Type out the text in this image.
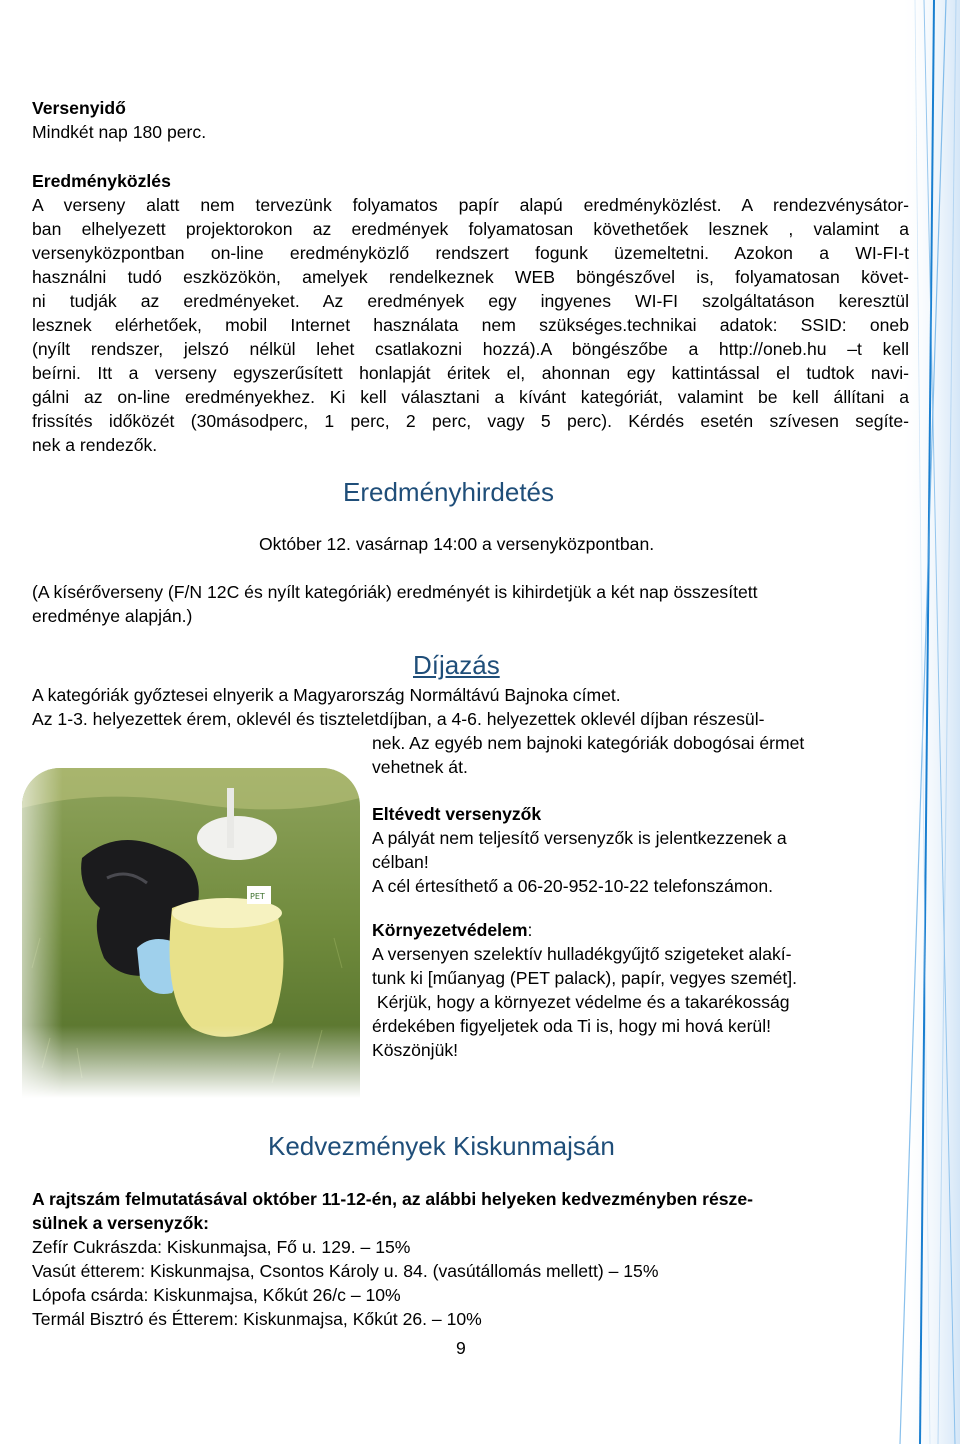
Versenyidő
Mindkét nap 180 perc.
Eredményközlés
A verseny alatt nem tervezünk folyamatos papír alapú eredményközlést. A rendezvénysátor-
ban elhelyezett projektorokon az eredmények folyamatosan követhetőek lesznek , valamint a
versenyközpontban on-line eredményközlő rendszert fogunk üzemeltetni. Azokon a WI-FI-t
használni tudó eszközökön, amelyek rendelkeznek WEB böngészővel is, folyamatosan követ-
ni tudják az eredményeket. Az eredmények egy ingyenes WI-FI szolgáltatáson keresztül
lesznek elérhetőek, mobil Internet használata nem szükséges.technikai adatok: SSID: oneb
(nyílt rendszer, jelszó nélkül lehet csatlakozni hozzá).A böngészőbe a http://oneb.hu –t kell
beírni. Itt a verseny egyszerűsített honlapját éritek el, ahonnan egy kattintással el tudtok navi-
gálni az on-line eredményekhez. Ki kell választani a kívánt kategóriát, valamint be kell állítani a
frissítés időközét (30másodperc, 1 perc, 2 perc, vagy 5 perc). Kérdés esetén szívesen segíte-
nek a rendezők.
Eredményhirdetés
Október 12. vasárnap 14:00 a versenyközpontban.
(A kísérőverseny (F/N 12C és nyílt kategóriák) eredményét is kihirdetjük a két nap összesített
eredménye alapján.)
Díjazás
A kategóriák győztesei elnyerik a Magyarország Normáltávú Bajnoka címet.
Az 1-3. helyezettek érem, oklevél és tiszteletdíjban, a 4-6. helyezettek oklevél díjban részesül-
nek. Az egyéb nem bajnoki kategóriák dobogósai érmet
vehetnek át.
Eltévedt versenyzők
A pályát nem teljesítő versenyzők is jelentkezzenek a
célban!
A cél értesíthető a 06-20-952-10-22 telefonszámon.
Környezetvédelem:
A versenyen szelektív hulladékgyűjtő szigeteket alakí-
tunk ki [műanyag (PET palack), papír, vegyes szemét].
Kérjük, hogy a környezet védelme és a takarékosság
érdekében figyeljetek oda Ti is, hogy mi hová kerül!
Köszönjük!
Kedvezmények Kiskunmajsán
A rajtszám felmutatásával október 11-12-én, az alábbi helyeken kedvezményben része-
sülnek a versenyzők:
Zefír Cukrászda: Kiskunmajsa, Fő u. 129. – 15%
Vasút étterem: Kiskunmajsa, Csontos Károly u. 84. (vasútállomás mellett) – 15%
Lópofa csárda: Kiskunmajsa, Kőkút 26/c – 10%
Termál Bisztró és Étterem: Kiskunmajsa, Kőkút 26. – 10%
9
